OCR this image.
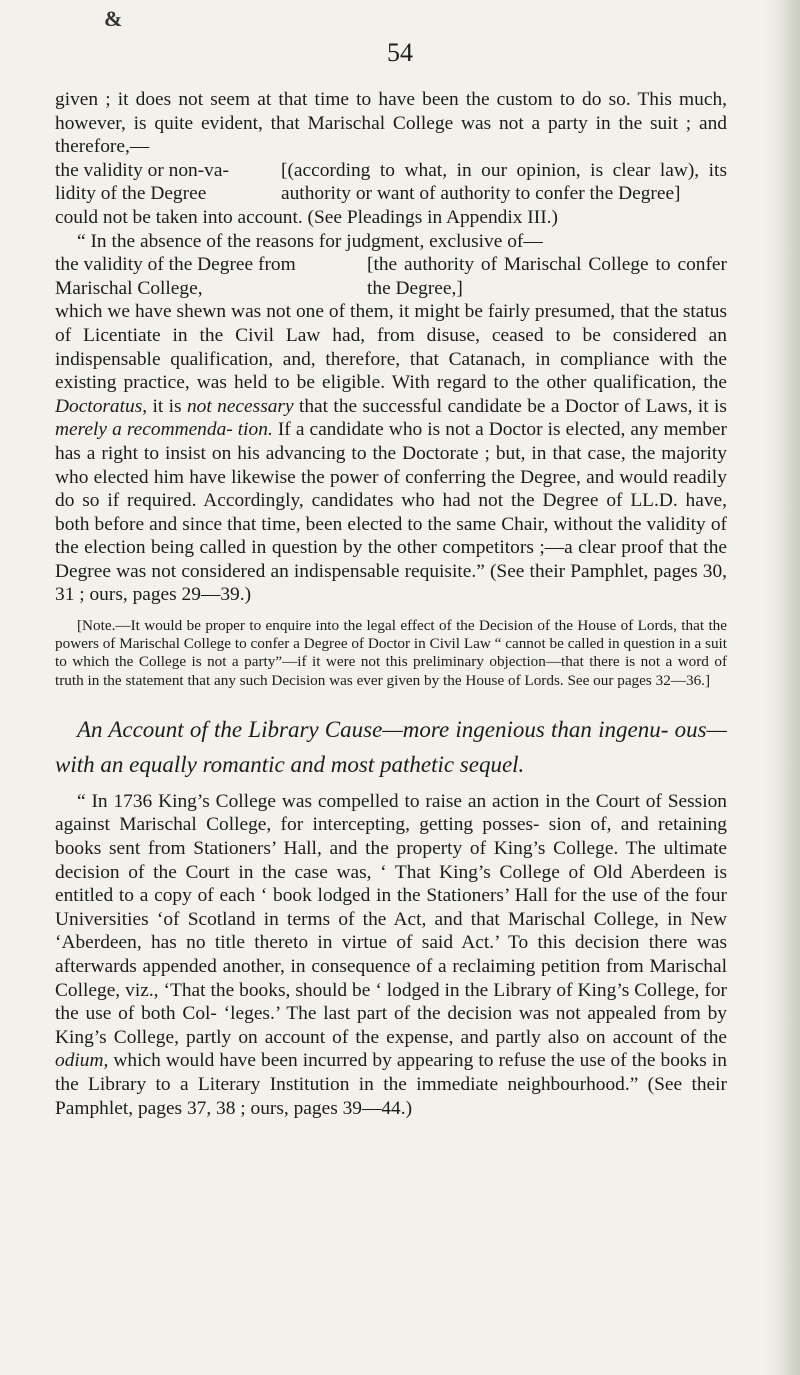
&
54

given ; it does not seem at that time to have been the custom to do so. This much, however, is quite evident, that Marischal College was not a party in the suit ; and therefore,—

the validity or non-va- lidity of the Degree
[(according to what, in our opinion, is clear law), its authority or want of authority to confer the Degree]

could not be taken into account. (See Pleadings in Appendix III.)

“ In the absence of the reasons for judgment, exclusive of—

the validity of the Degree from Marischal College,
[the authority of Marischal College to confer the Degree,]

which we have shewn was not one of them, it might be fairly presumed, that the status of Licentiate in the Civil Law had, from disuse, ceased to be considered an indispensable qualification, and, therefore, that Catanach, in compliance with the existing practice, was held to be eligible. With regard to the other qualification, the Doctoratus, it is not necessary that the successful candidate be a Doctor of Laws, it is merely a recommenda- tion. If a candidate who is not a Doctor is elected, any member has a right to insist on his advancing to the Doctorate ; but, in that case, the majority who elected him have likewise the power of conferring the Degree, and would readily do so if required. Accordingly, candidates who had not the Degree of LL.D. have, both before and since that time, been elected to the same Chair, without the validity of the election being called in question by the other competitors ;—a clear proof that the Degree was not considered an indispensable requisite.” (See their Pamphlet, pages 30, 31 ; ours, pages 29—39.)

[Note.—It would be proper to enquire into the legal effect of the Decision of the House of Lords, that the powers of Marischal College to confer a Degree of Doctor in Civil Law “ cannot be called in question in a suit to which the College is not a party”—if it were not this preliminary objection—that there is not a word of truth in the statement that any such Decision was ever given by the House of Lords. See our pages 32—36.]

An Account of the Library Cause—more ingenious than ingenu- ous—with an equally romantic and most pathetic sequel.

“ In 1736 King’s College was compelled to raise an action in the Court of Session against Marischal College, for intercepting, getting posses- sion of, and retaining books sent from Stationers’ Hall, and the property of King’s College. The ultimate decision of the Court in the case was, ‘ That King’s College of Old Aberdeen is entitled to a copy of each ‘ book lodged in the Stationers’ Hall for the use of the four Universities ‘of Scotland in terms of the Act, and that Marischal College, in New ‘Aberdeen, has no title thereto in virtue of said Act.’ To this decision there was afterwards appended another, in consequence of a reclaiming petition from Marischal College, viz., ‘That the books, should be ‘ lodged in the Library of King’s College, for the use of both Col- ‘leges.’ The last part of the decision was not appealed from by King’s College, partly on account of the expense, and partly also on account of the odium, which would have been incurred by appearing to refuse the use of the books in the Library to a Literary Institution in the immediate neighbourhood.” (See their Pamphlet, pages 37, 38 ; ours, pages 39—44.)
